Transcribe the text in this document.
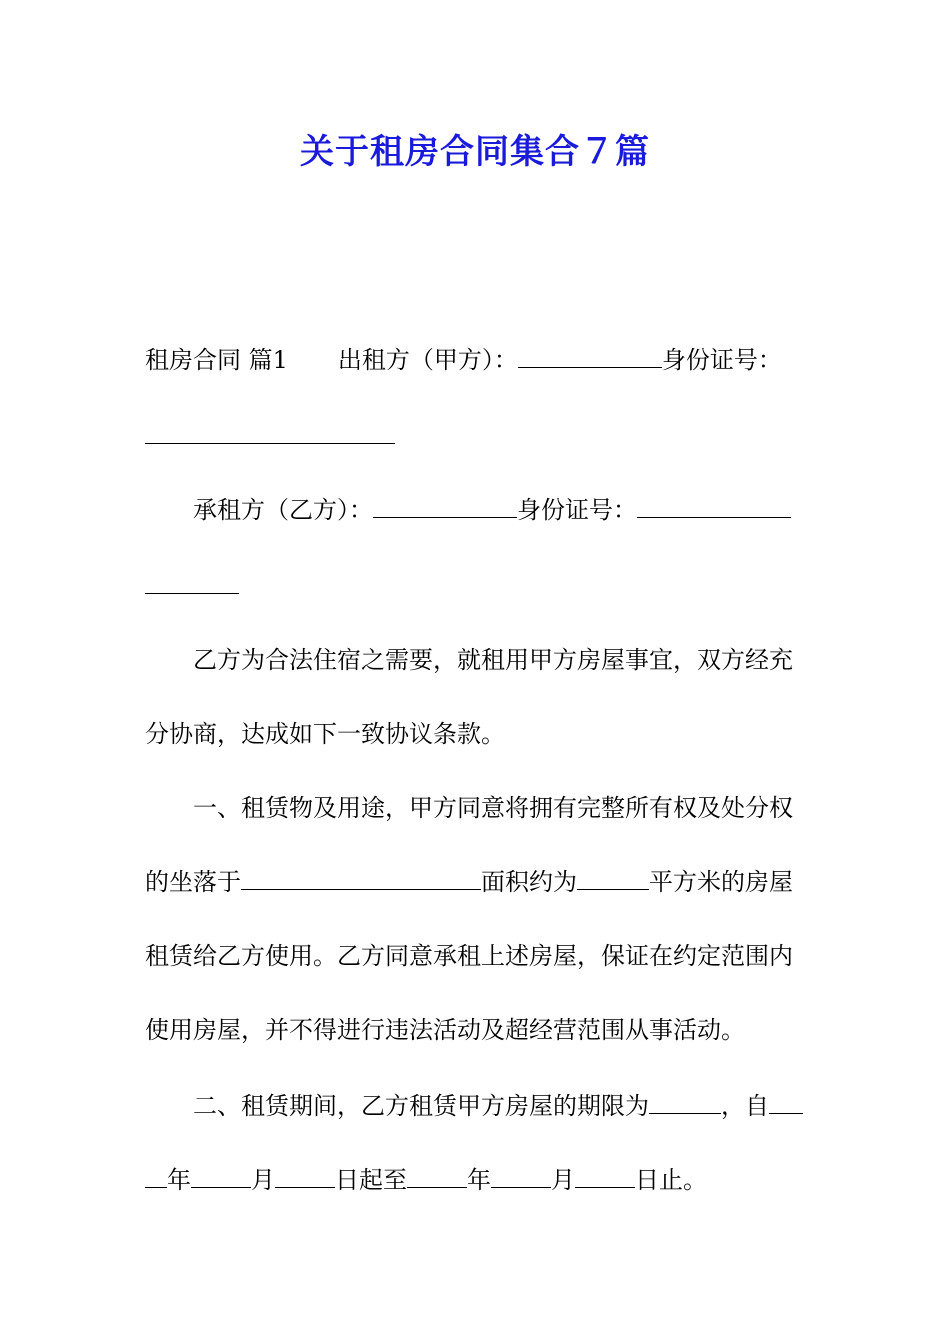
关于租房合同集合７篇
租房合同 篇1 出租方（甲方）：	身份证号：
承租方（乙方）：	身份证号：
乙方为合法住宿之需要，就租用甲方房屋事宜，双方经充
分协商，达成如下一致协议条款。
一、租赁物及用途，甲方同意将拥有完整所有权及处分权
的坐落于	面积约为	平方米的房屋
租赁给乙方使用。乙方同意承租上述房屋，保证在约定范围内
使用房屋，并不得进行违法活动及超经营范围从事活动。
二、租赁期间，乙方租赁甲方房屋的期限为	，自
年	月	日起至	年	月	日止。
